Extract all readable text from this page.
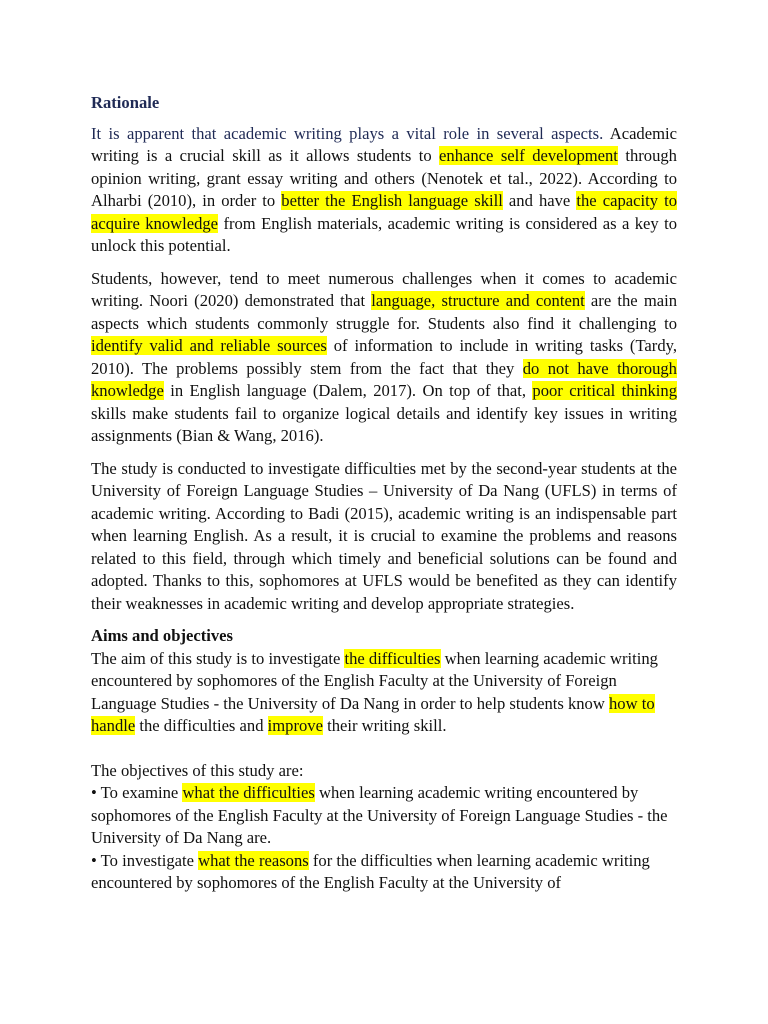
Rationale

It is apparent that academic writing plays a vital role in several aspects. Academic writing is a crucial skill as it allows students to enhance self development through opinion writing, grant essay writing and others (Nenotek et tal., 2022). According to Alharbi (2010), in order to better the English language skill and have the capacity to acquire knowledge from English materials, academic writing is considered as a key to unlock this potential.

Students, however, tend to meet numerous challenges when it comes to academic writing. Noori (2020) demonstrated that language, structure and content are the main aspects which students commonly struggle for. Students also find it challenging to identify valid and reliable sources of information to include in writing tasks (Tardy, 2010). The problems possibly stem from the fact that they do not have thorough knowledge in English language (Dalem, 2017). On top of that, poor critical thinking skills make students fail to organize logical details and identify key issues in writing assignments (Bian & Wang, 2016).

The study is conducted to investigate difficulties met by the second-year students at the University of Foreign Language Studies – University of Da Nang (UFLS) in terms of academic writing. According to Badi (2015), academic writing is an indispensable part when learning English. As a result, it is crucial to examine the problems and reasons related to this field, through which timely and beneficial solutions can be found and adopted. Thanks to this, sophomores at UFLS would be benefited as they can identify their weaknesses in academic writing and develop appropriate strategies.

Aims and objectives

The aim of this study is to investigate the difficulties when learning academic writing encountered by sophomores of the English Faculty at the University of Foreign Language Studies - the University of Da Nang in order to help students know how to handle the difficulties and improve their writing skill.

The objectives of this study are:

• To examine what the difficulties when learning academic writing encountered by sophomores of the English Faculty at the University of Foreign Language Studies - the University of Da Nang are.

• To investigate what the reasons for the difficulties when learning academic writing encountered by sophomores of the English Faculty at the University of
